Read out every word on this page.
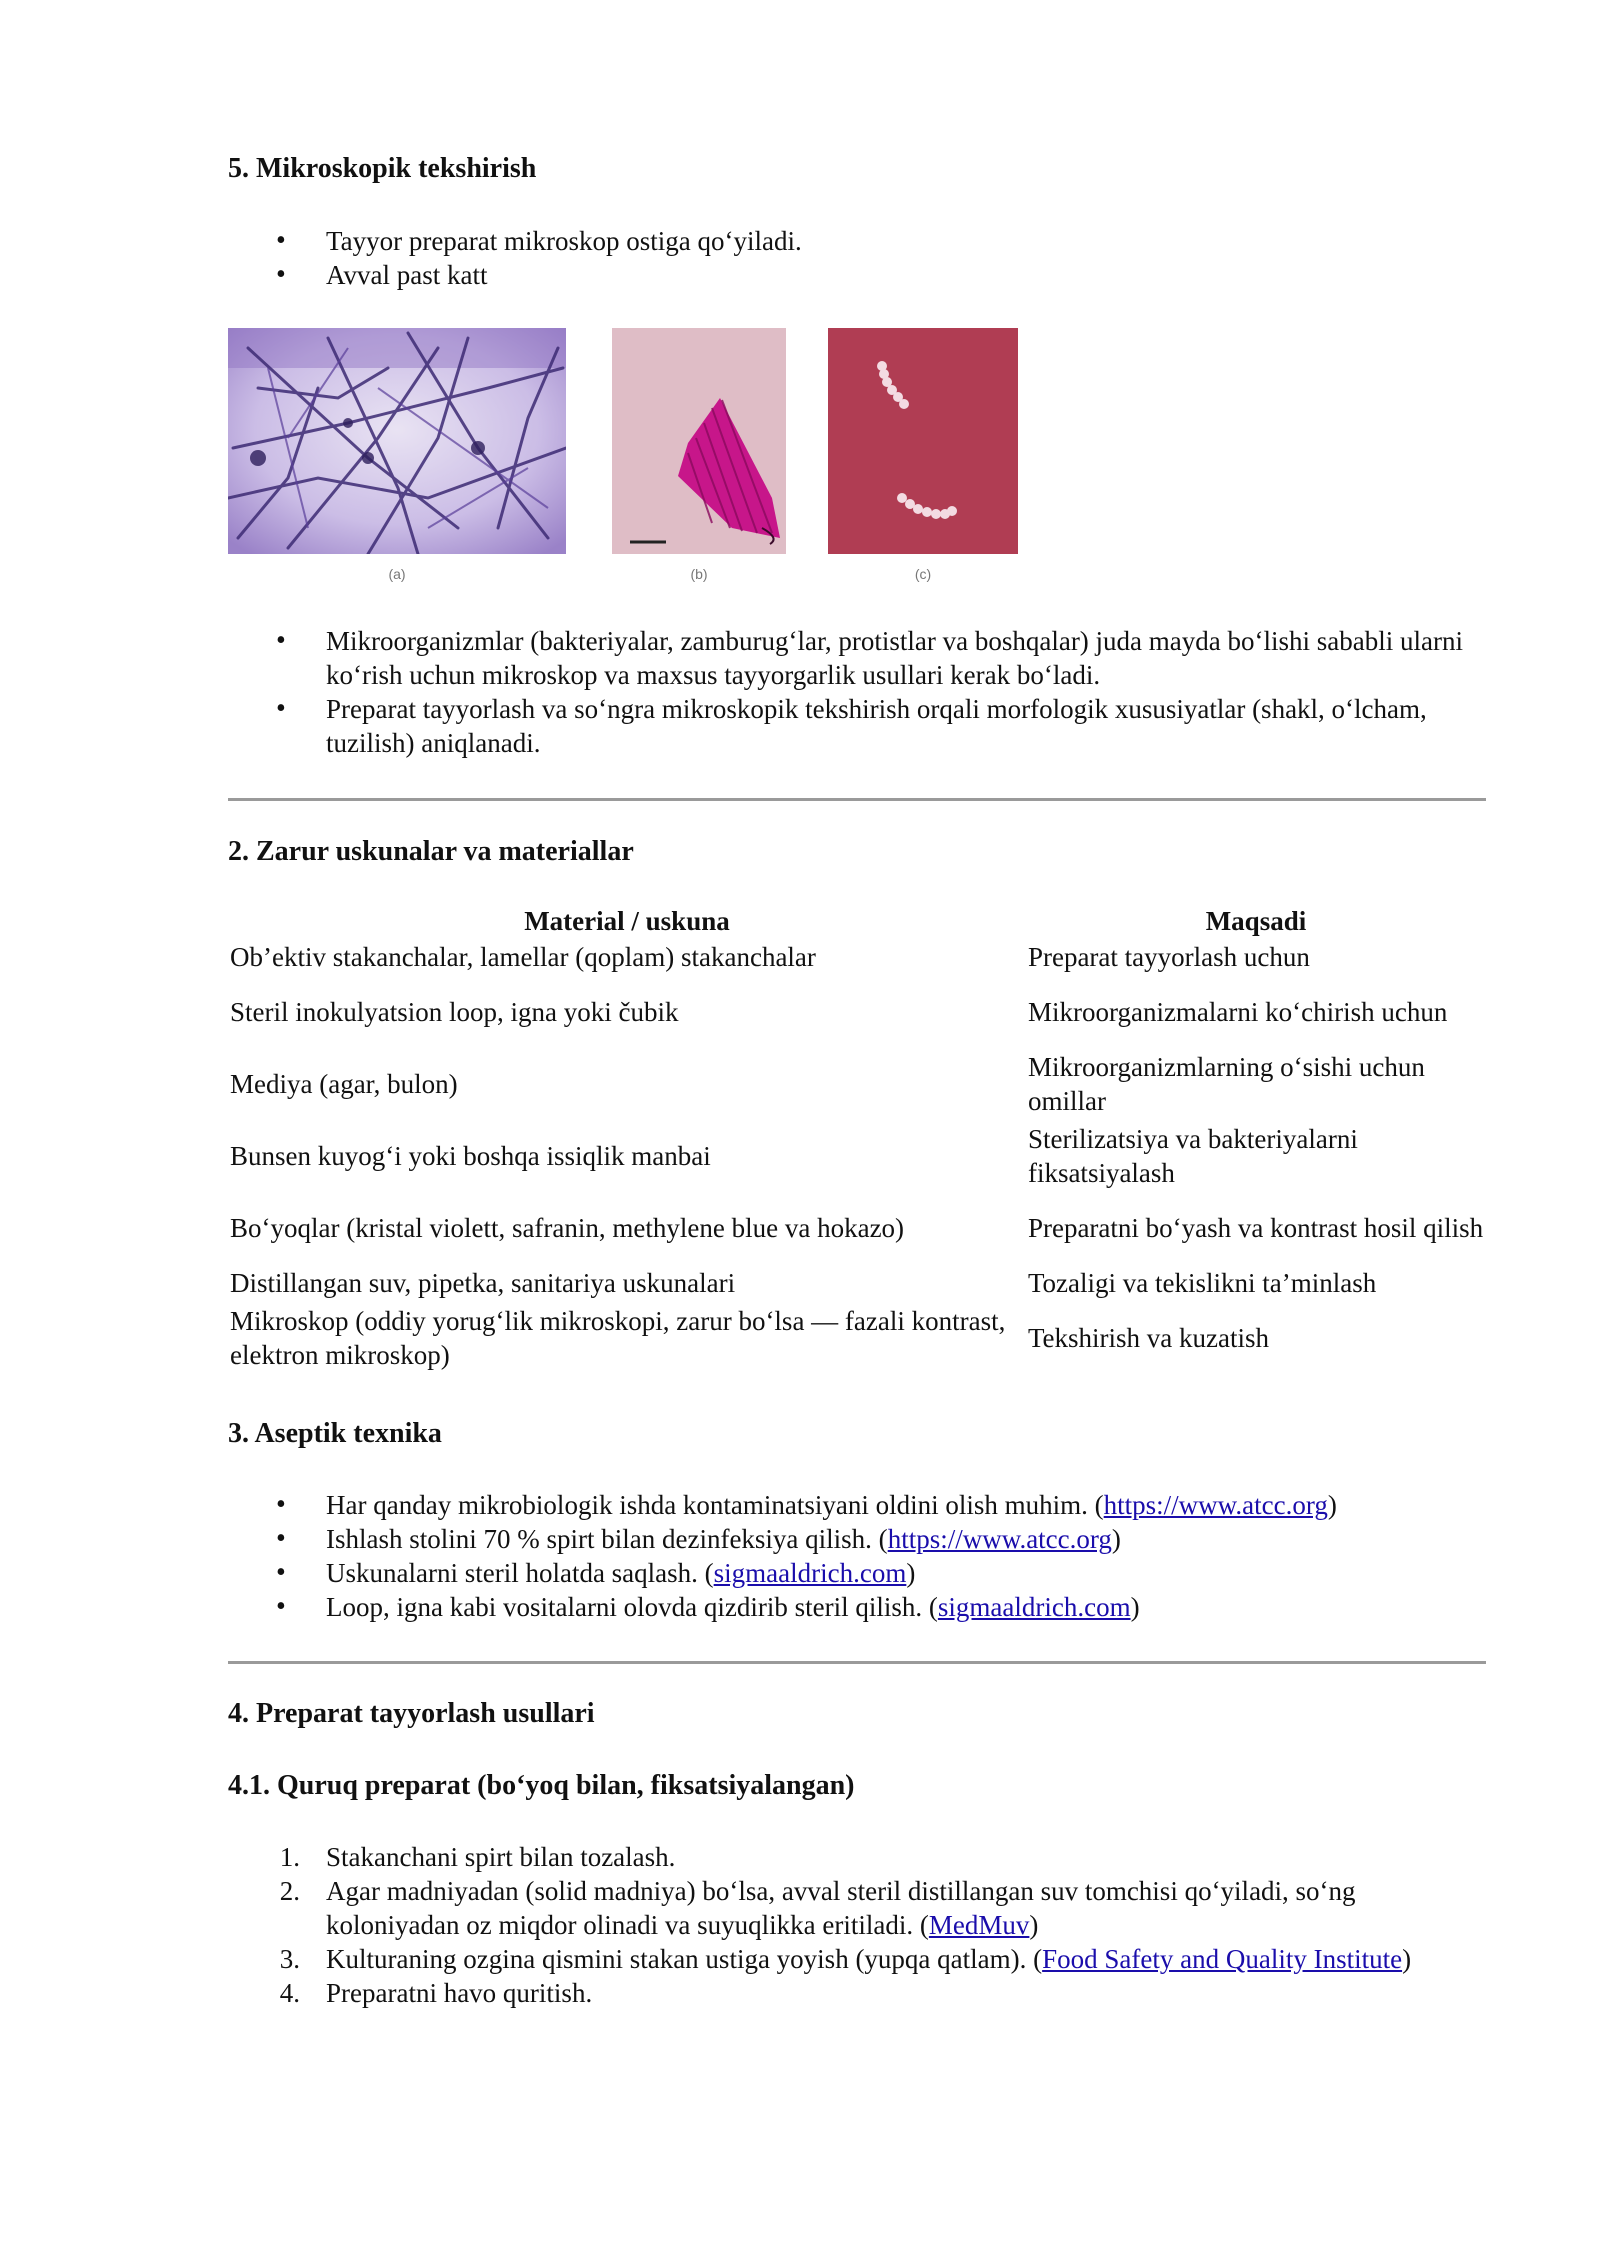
5. Mikroskopik tekshirish
• Tayyor preparat mikroskop ostiga qo‘yiladi.
• Avval past katt
(a)	(b)	(c)
• Mikroorganizmlar (bakteriyalar, zamburug‘lar, protistlar va boshqalar) juda mayda bo‘lishi sababli ularni ko‘rish uchun mikroskop va maxsus tayyorgarlik usullari kerak bo‘ladi.
• Preparat tayyorlash va so‘ngra mikroskopik tekshirish orqali morfologik xususiyatlar (shakl, o‘lcham, tuzilish) aniqlanadi.
2. Zarur uskunalar va materiallar
Material / uskuna	Maqsadi
Ob’ektiv stakanchalar, lamellar (qoplam) stakanchalar	Preparat tayyorlash uchun
Steril inokulyatsion loop, igna yoki čubik	Mikroorganizmalarni ko‘chirish uchun
Mediya (agar, bulon)	Mikroorganizmlarning o‘sishi uchun omillar
Bunsen kuyog‘i yoki boshqa issiqlik manbai	Sterilizatsiya va bakteriyalarni fiksatsiyalash
Bo‘yoqlar (kristal violett, safranin, methylene blue va hokazo)	Preparatni bo‘yash va kontrast hosil qilish
Distillangan suv, pipetka, sanitariya uskunalari	Tozaligi va tekislikni ta’minlash
Mikroskop (oddiy yorug‘lik mikroskopi, zarur bo‘lsa — fazali kontrast, elektron mikroskop)	Tekshirish va kuzatish
3. Aseptik texnika
• Har qanday mikrobiologik ishda kontaminatsiyani oldini olish muhim. (https://www.atcc.org)
• Ishlash stolini 70 % spirt bilan dezinfeksiya qilish. (https://www.atcc.org)
• Uskunalarni steril holatda saqlash. (sigmaaldrich.com)
• Loop, igna kabi vositalarni olovda qizdirib steril qilish. (sigmaaldrich.com)
4. Preparat tayyorlash usullari
4.1. Quruq preparat (bo‘yoq bilan, fiksatsiyalangan)
1. Stakanchani spirt bilan tozalash.
2. Agar madniyadan (solid madniya) bo‘lsa, avval steril distillangan suv tomchisi qo‘yiladi, so‘ng koloniyadan oz miqdor olinadi va suyuqlikka eritiladi. (MedMuv)
3. Kulturaning ozgina qismini stakan ustiga yoyish (yupqa qatlam). (Food Safety and Quality Institute)
4. Preparatni havo quritish.
